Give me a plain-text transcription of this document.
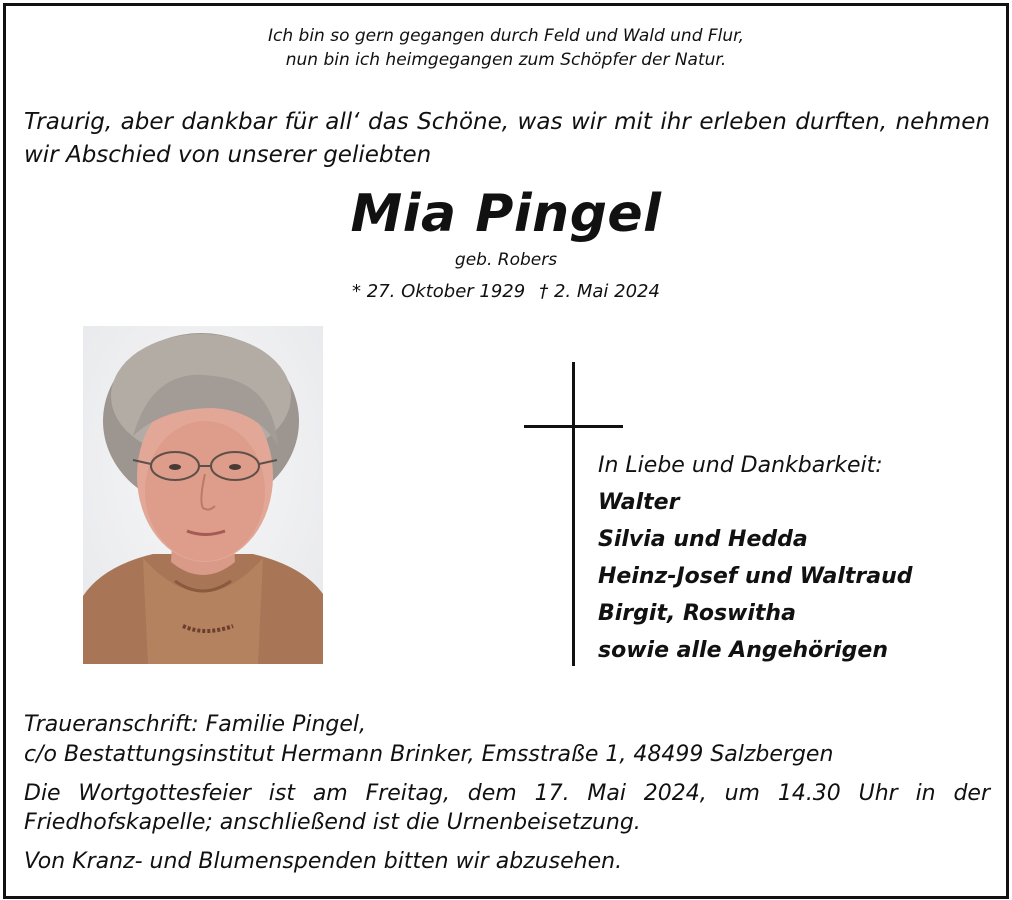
Ich bin so gern gegangen durch Feld und Wald und Flur,
nun bin ich heimgegangen zum Schöpfer der Natur.
Traurig, aber dankbar für all‘ das Schöne, was wir mit ihr erleben durften, nehmen
wir Abschied von unserer geliebten
Mia Pingel
geb. Robers
* 27. Oktober 1929 † 2. Mai 2024
In Liebe und Dankbarkeit:
Walter
Silvia und Hedda
Heinz-Josef und Waltraud
Birgit, Roswitha
sowie alle Angehörigen
Traueranschrift: Familie Pingel,
c/o Bestattungsinstitut Hermann Brinker, Emsstraße 1, 48499 Salzbergen
Die Wortgottesfeier ist am Freitag, dem 17. Mai 2024, um 14.30 Uhr in der
Friedhofskapelle; anschließend ist die Urnenbeisetzung.
Von Kranz- und Blumenspenden bitten wir abzusehen.
